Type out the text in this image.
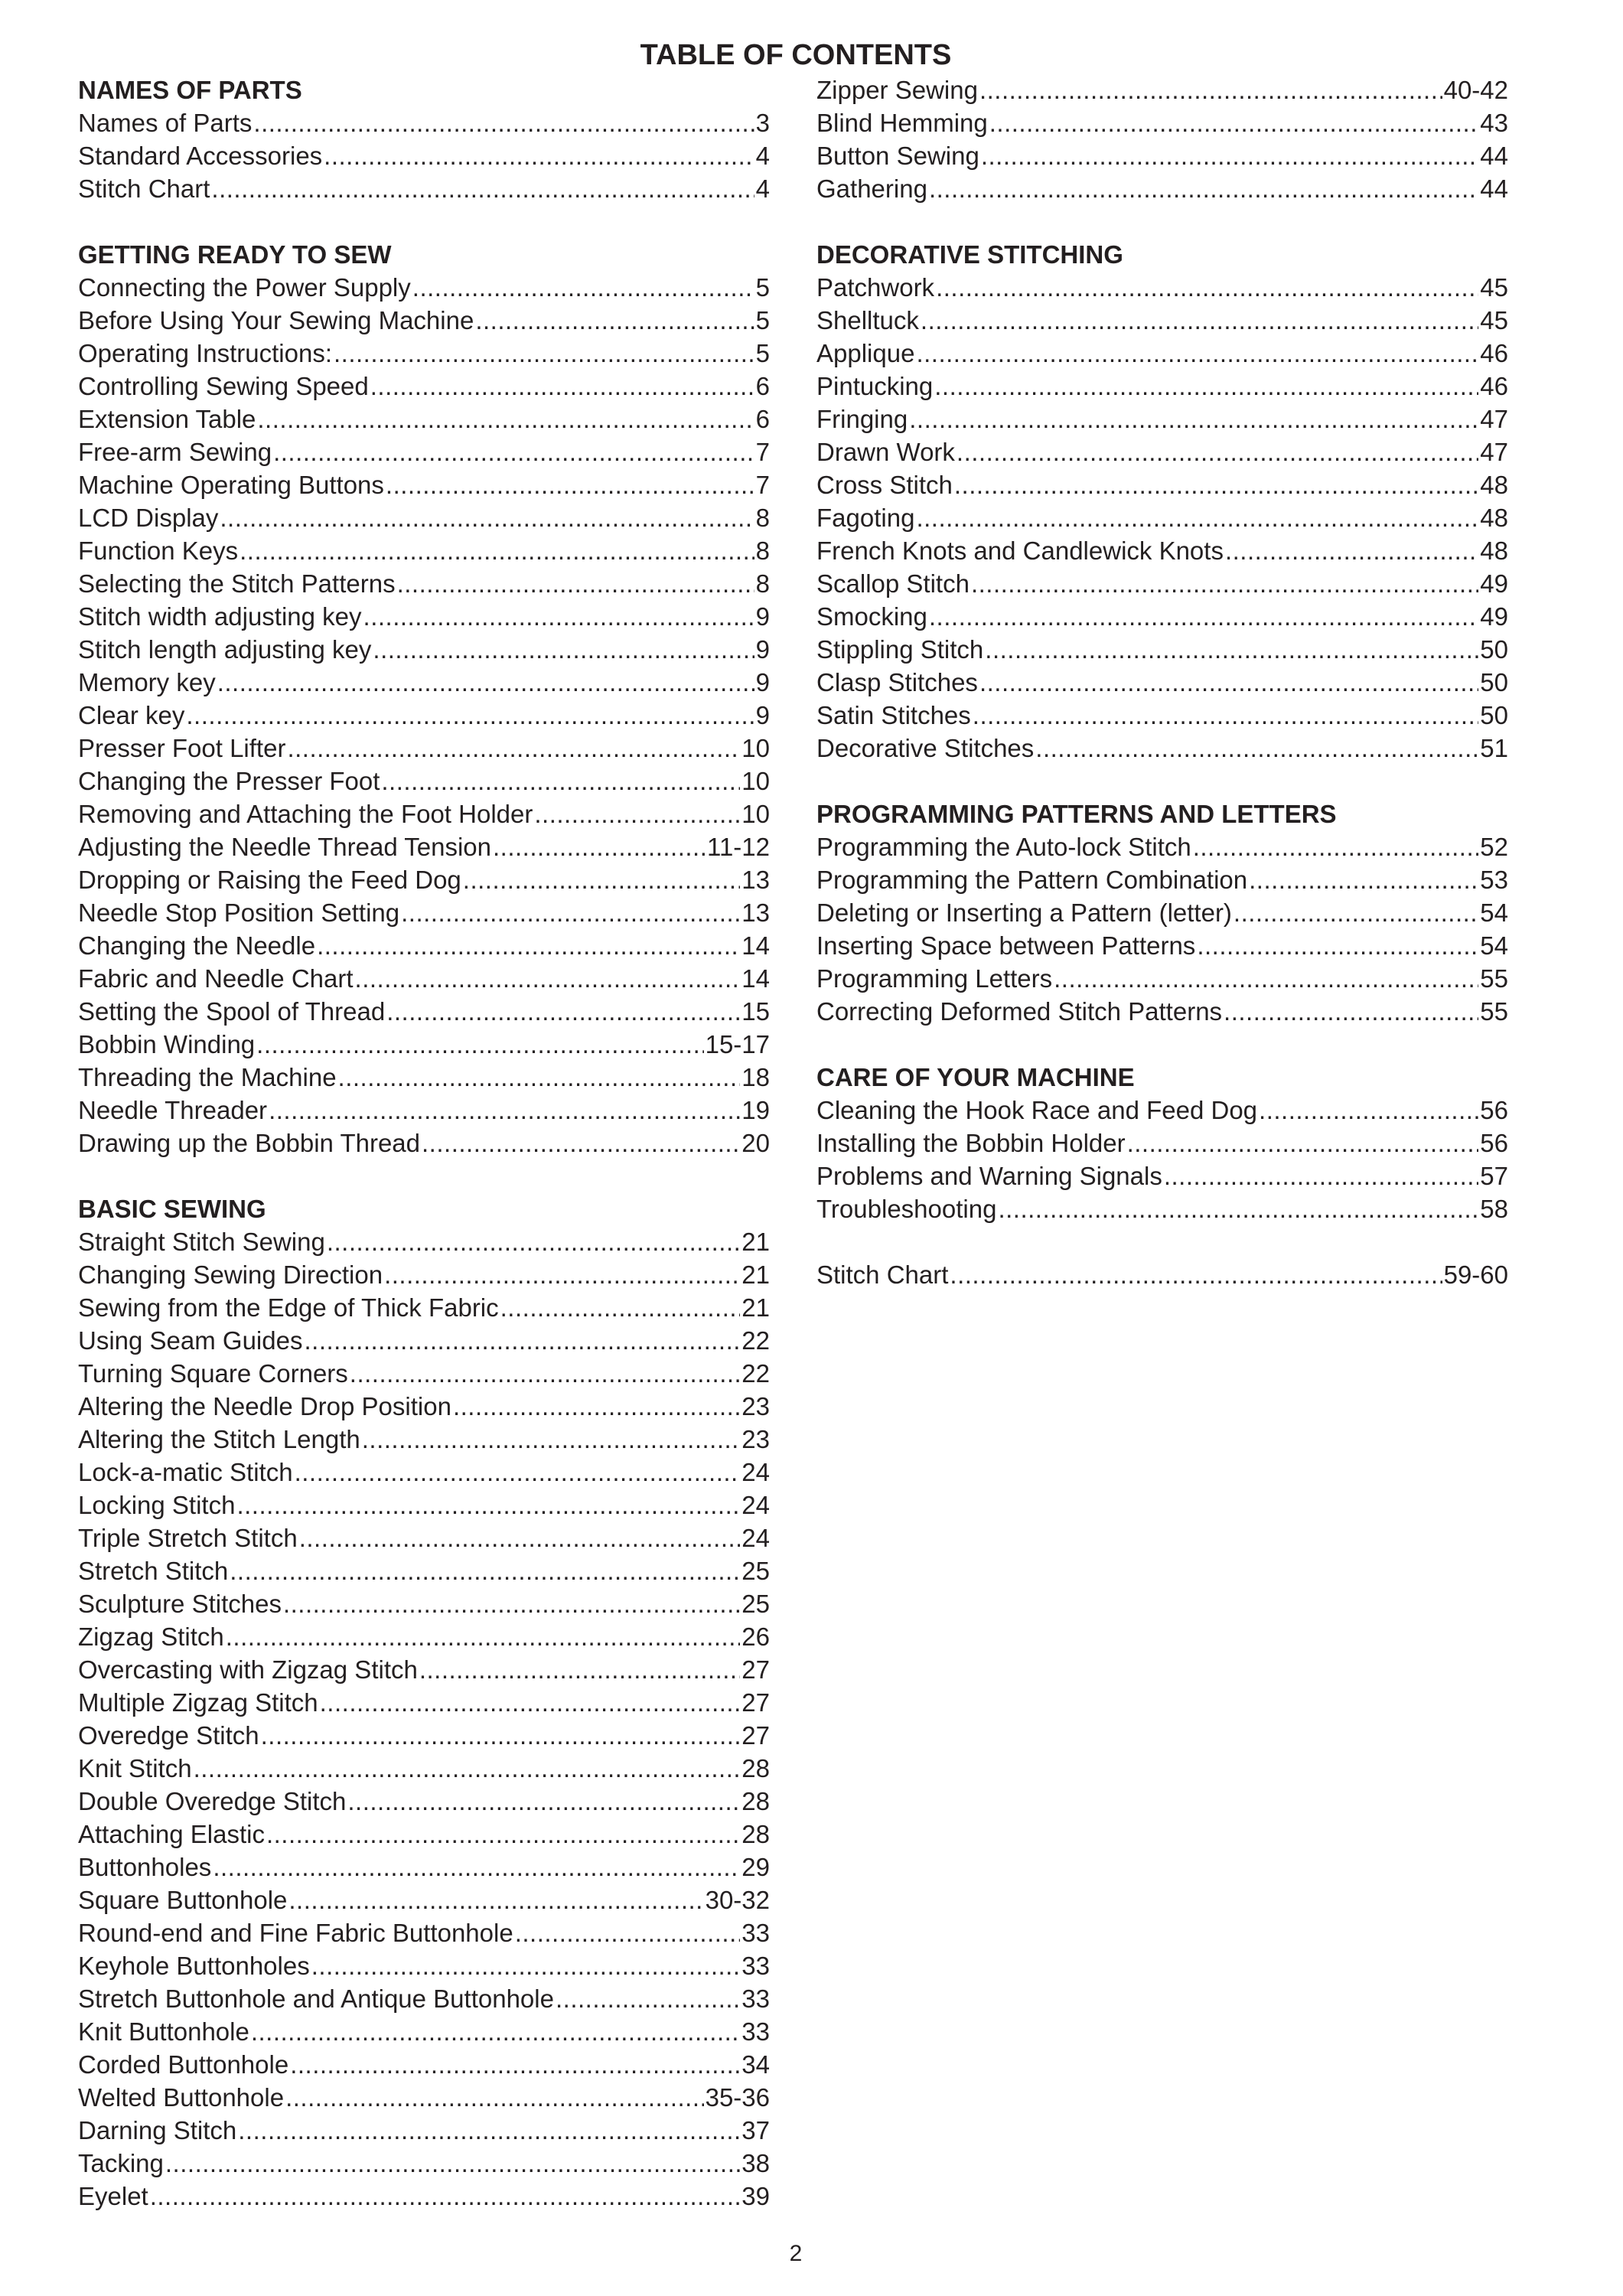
TABLE OF CONTENTS
NAMES OF PARTS
Names of Parts .....	3
Standard Accessories .....	4
Stitch Chart .....	4
GETTING READY TO SEW
Connecting the Power Supply .....	5
Before Using Your Sewing Machine .....	5
Operating Instructions: .....	5
Controlling Sewing Speed .....	6
Extension Table .....	6
Free-arm Sewing .....	7
Machine Operating Buttons .....	7
LCD Display .....	8
Function Keys .....	8
Selecting the Stitch Patterns .....	8
Stitch width adjusting key .....	9
Stitch length adjusting key .....	9
Memory key .....	9
Clear key .....	9
Presser Foot Lifter .....	10
Changing the Presser Foot .....	10
Removing and Attaching the Foot Holder .....	10
Adjusting the Needle Thread Tension .....	11-12
Dropping or Raising the Feed Dog .....	13
Needle Stop Position Setting .....	13
Changing the Needle .....	14
Fabric and Needle Chart .....	14
Setting the Spool of Thread .....	15
Bobbin Winding .....	15-17
Threading the Machine .....	18
Needle Threader .....	19
Drawing up the Bobbin Thread .....	20
BASIC SEWING
Straight Stitch Sewing .....	21
Changing Sewing Direction .....	21
Sewing from the Edge of Thick Fabric .....	21
Using Seam Guides .....	22
Turning Square Corners .....	22
Altering the Needle Drop Position .....	23
Altering the Stitch Length .....	23
Lock-a-matic Stitch .....	24
Locking Stitch .....	24
Triple Stretch Stitch .....	24
Stretch Stitch .....	25
Sculpture Stitches .....	25
Zigzag Stitch .....	26
Overcasting with Zigzag Stitch .....	27
Multiple Zigzag Stitch .....	27
Overedge Stitch .....	27
Knit Stitch .....	28
Double Overedge Stitch .....	28
Attaching Elastic .....	28
Buttonholes .....	29
Square Buttonhole .....	30-32
Round-end and Fine Fabric Buttonhole .....	33
Keyhole Buttonholes .....	33
Stretch Buttonhole and Antique Buttonhole .....	33
Knit Buttonhole .....	33
Corded Buttonhole .....	34
Welted Buttonhole .....	35-36
Darning Stitch .....	37
Tacking .....	38
Eyelet .....	39
Zipper Sewing .....	40-42
Blind Hemming .....	43
Button Sewing .....	44
Gathering .....	44
DECORATIVE STITCHING
Patchwork .....	45
Shelltuck .....	45
Applique .....	46
Pintucking .....	46
Fringing .....	47
Drawn Work .....	47
Cross Stitch .....	48
Fagoting .....	48
French Knots and Candlewick Knots .....	48
Scallop Stitch .....	49
Smocking .....	49
Stippling Stitch .....	50
Clasp Stitches .....	50
Satin Stitches .....	50
Decorative Stitches .....	51
PROGRAMMING PATTERNS AND LETTERS
Programming the Auto-lock Stitch .....	52
Programming the Pattern Combination .....	53
Deleting or Inserting a Pattern (letter) .....	54
Inserting Space between Patterns .....	54
Programming Letters .....	55
Correcting Deformed Stitch Patterns .....	55
CARE OF YOUR MACHINE
Cleaning the Hook Race and Feed Dog .....	56
Installing the Bobbin Holder .....	56
Problems and Warning Signals .....	57
Troubleshooting .....	58
Stitch Chart .....	59-60
2
